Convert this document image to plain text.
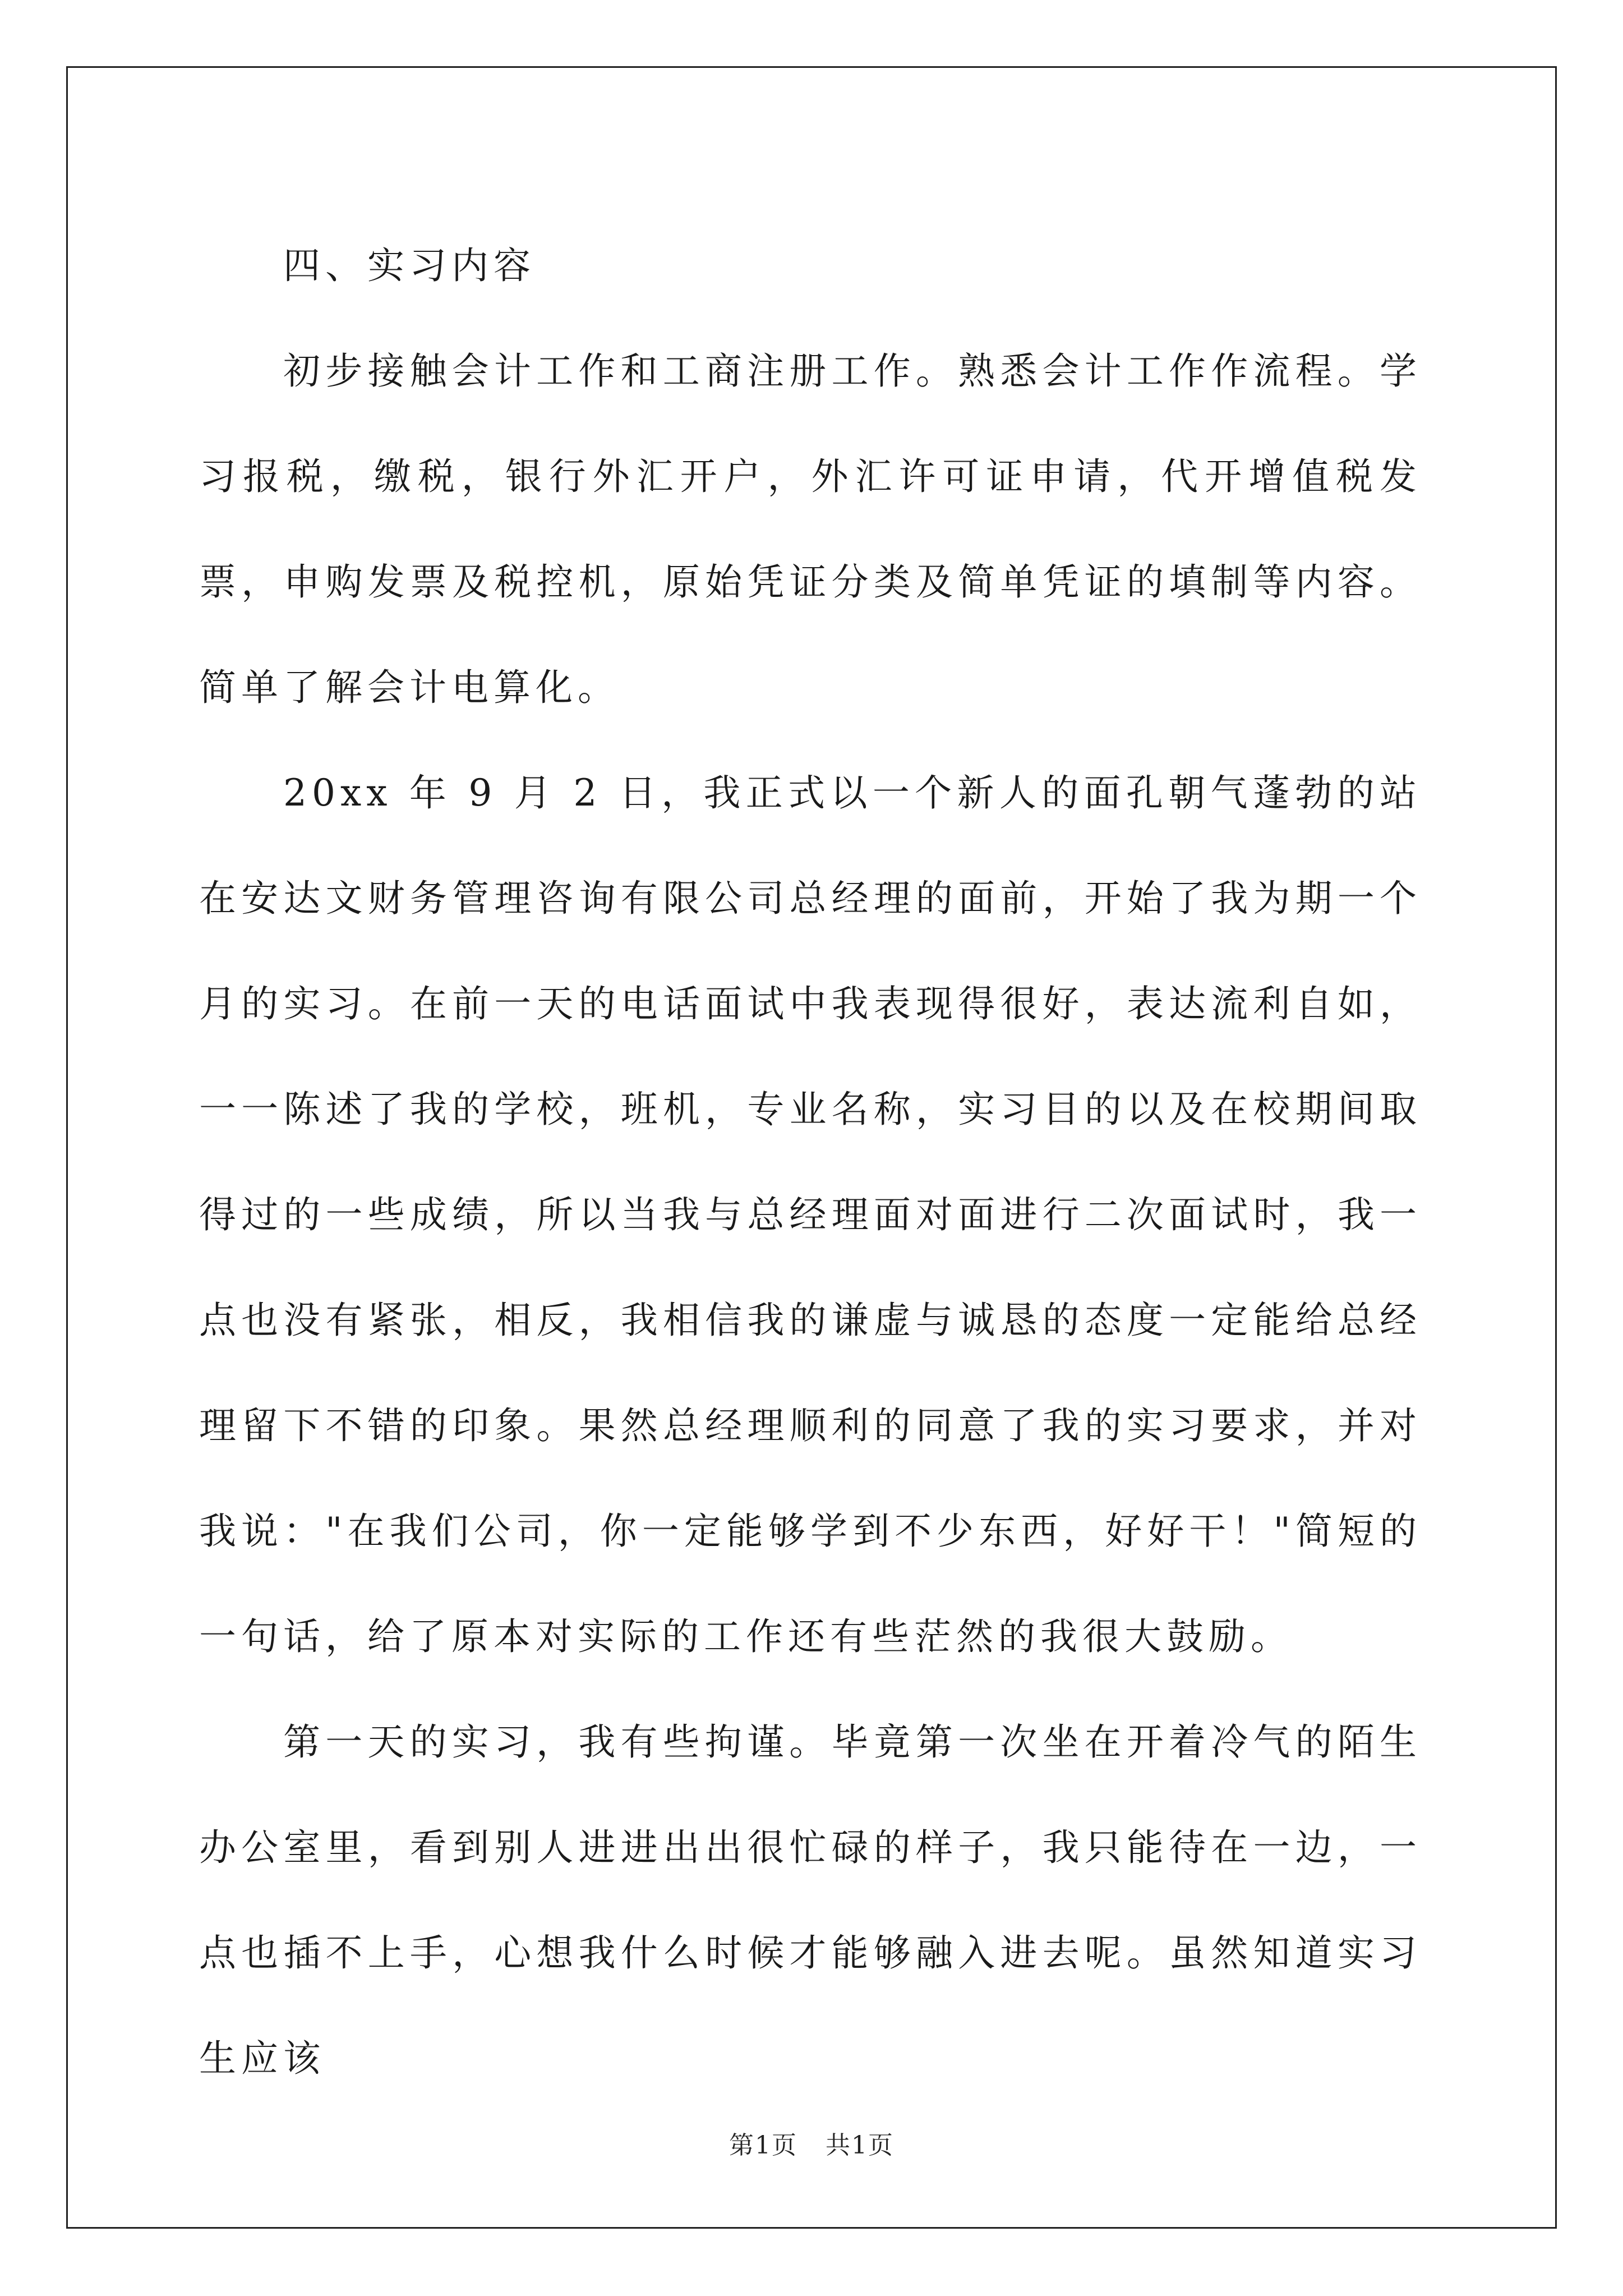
四、实习内容

初步接触会计工作和工商注册工作。熟悉会计工作作流程。学习报税，缴税，银行外汇开户，外汇许可证申请，代开增值税发票，申购发票及税控机，原始凭证分类及简单凭证的填制等内容。简单了解会计电算化。

20xx 年 9 月 2 日，我正式以一个新人的面孔朝气蓬勃的站在安达文财务管理咨询有限公司总经理的面前，开始了我为期一个月的实习。在前一天的电话面试中我表现得很好，表达流利自如，一一陈述了我的学校，班机，专业名称，实习目的以及在校期间取得过的一些成绩，所以当我与总经理面对面进行二次面试时，我一点也没有紧张，相反，我相信我的谦虚与诚恳的态度一定能给总经理留下不错的印象。果然总经理顺利的同意了我的实习要求，并对我说："在我们公司，你一定能够学到不少东西，好好干！"简短的一句话，给了原本对实际的工作还有些茫然的我很大鼓励。

第一天的实习，我有些拘谨。毕竟第一次坐在开着冷气的陌生办公室里，看到别人进进出出很忙碌的样子，我只能待在一边，一点也插不上手，心想我什么时候才能够融入进去呢。虽然知道实习生应该

第1页 共1页
